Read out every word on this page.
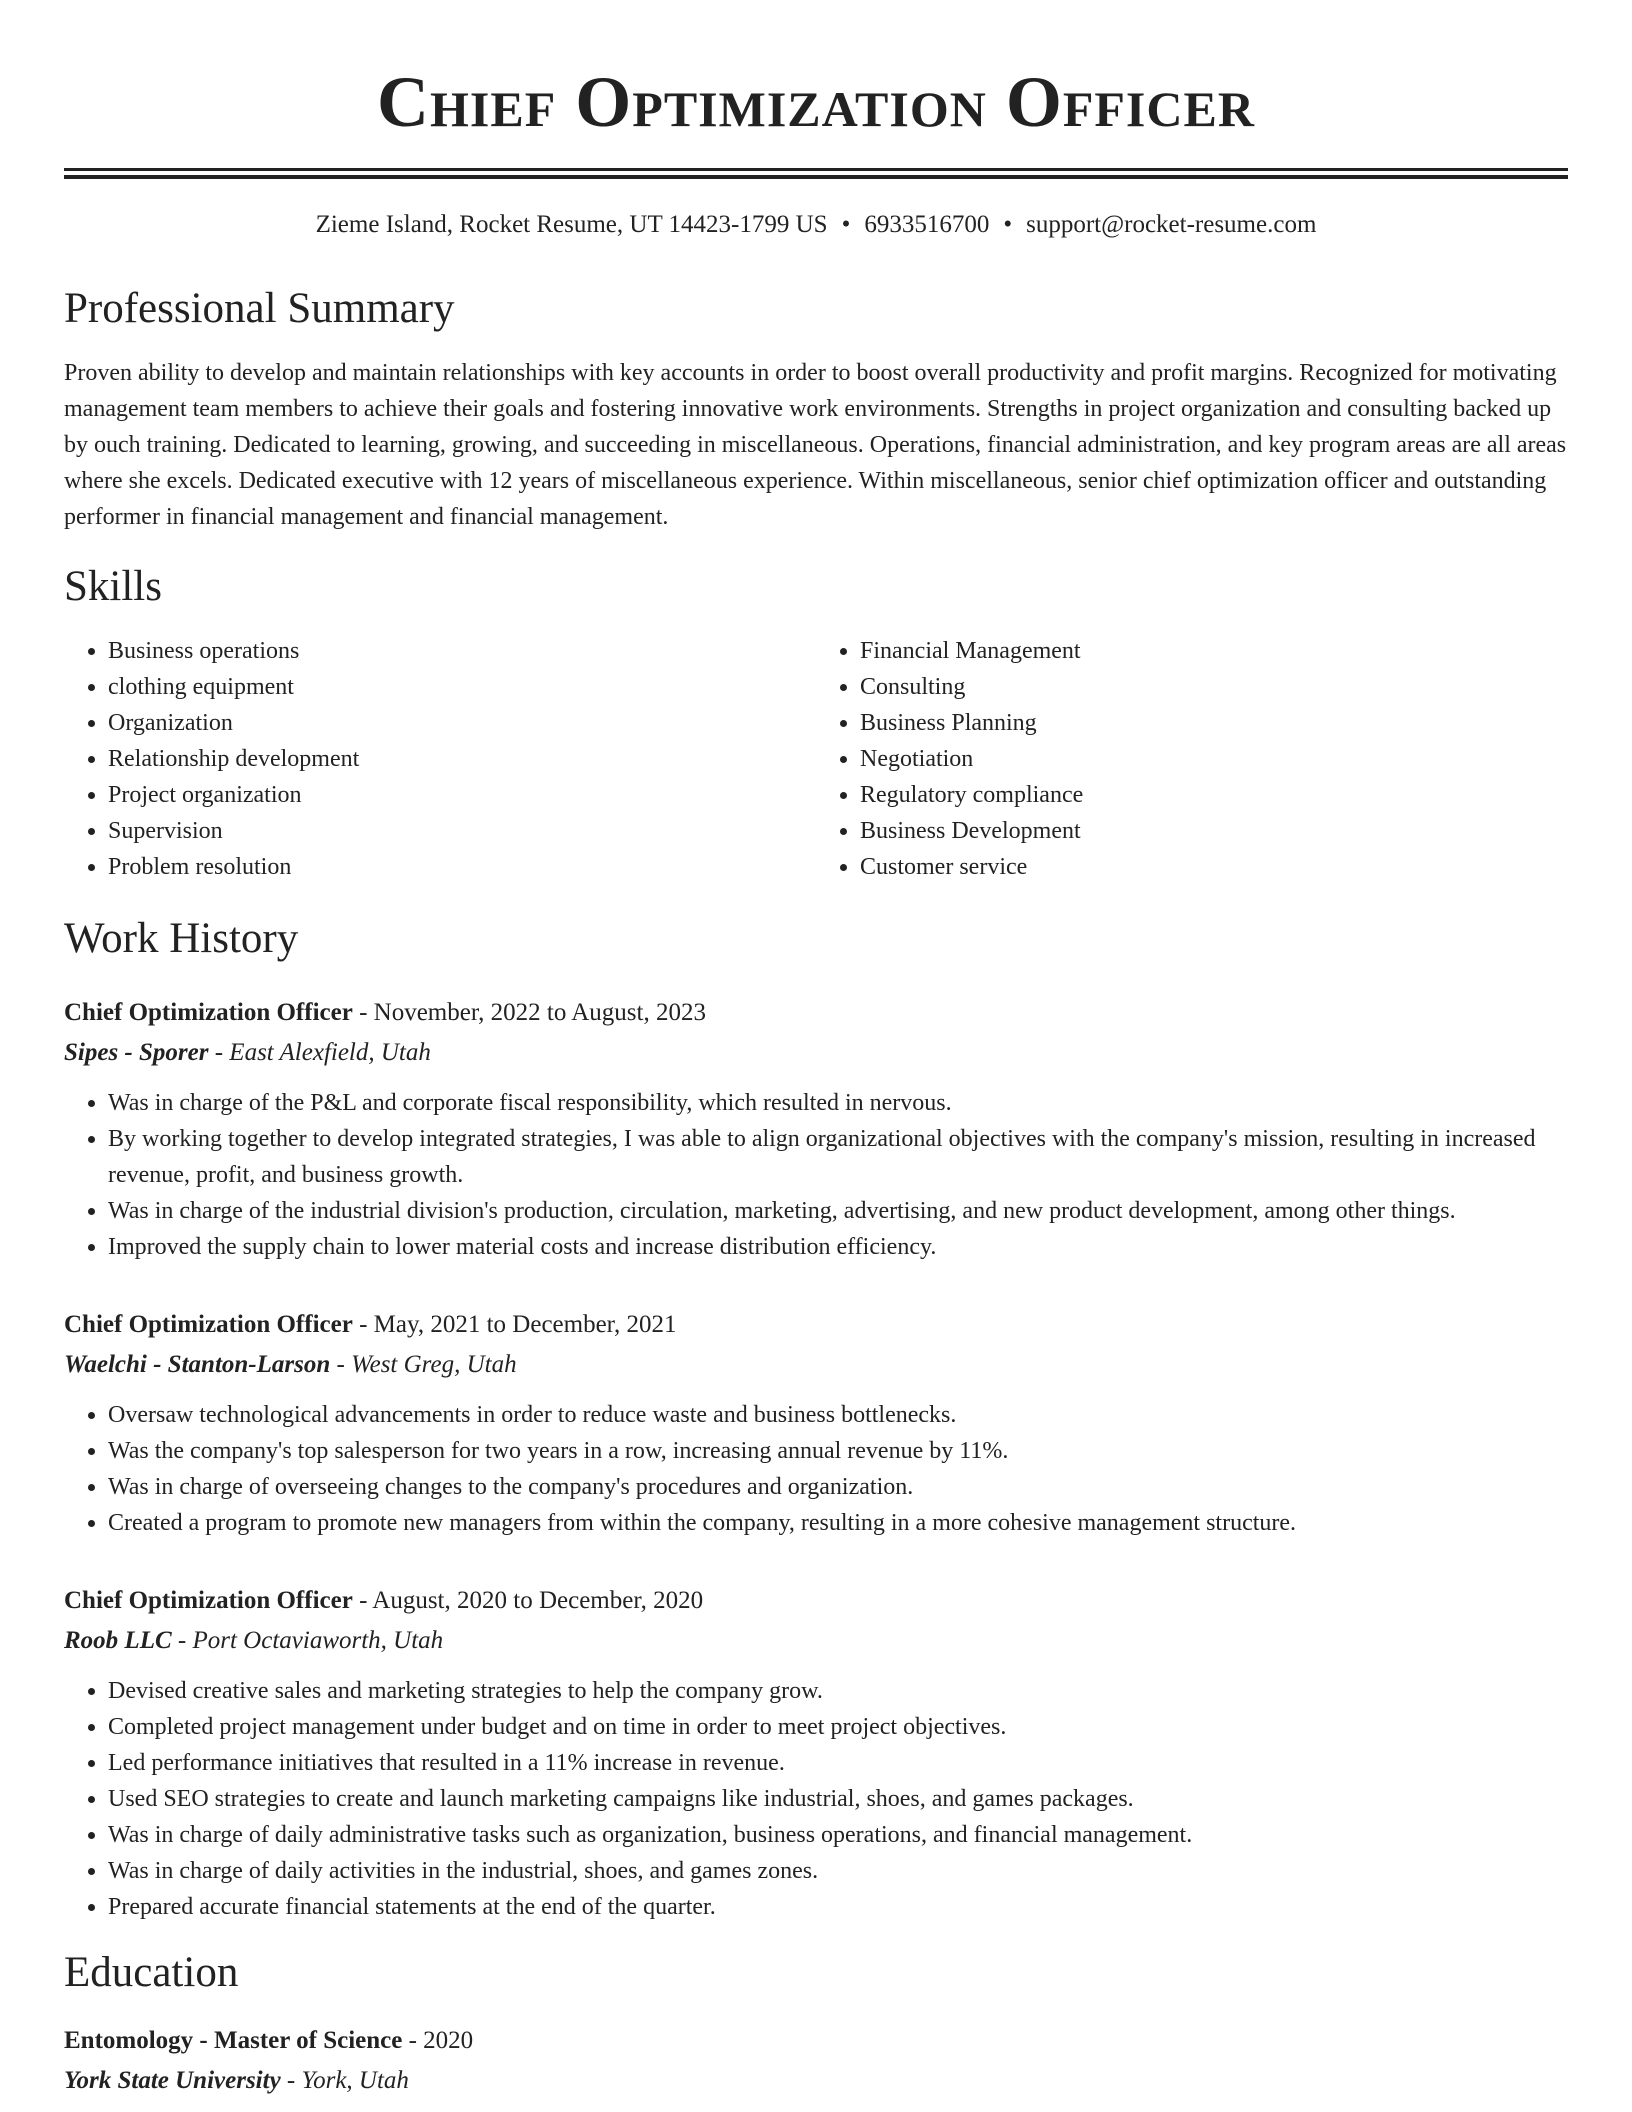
Chief Optimization Officer
Zieme Island, Rocket Resume, UT 14423-1799 US • 6933516700 • support@rocket-resume.com
Professional Summary

Proven ability to develop and maintain relationships with key accounts in order to boost overall productivity and profit margins. Recognized for motivating management team members to achieve their goals and fostering innovative work environments. Strengths in project organization and consulting backed up by ouch training. Dedicated to learning, growing, and succeeding in miscellaneous. Operations, financial administration, and key program areas are all areas where she excels. Dedicated executive with 12 years of miscellaneous experience. Within miscellaneous, senior chief optimization officer and outstanding performer in financial management and financial management.

Skills
• Business operations
• clothing equipment
• Organization
• Relationship development
• Project organization
• Supervision
• Problem resolution
• Financial Management
• Consulting
• Business Planning
• Negotiation
• Regulatory compliance
• Business Development
• Customer service
Work History
Chief Optimization Officer - November, 2022 to August, 2023
Sipes - Sporer - East Alexfield, Utah
• Was in charge of the P&L and corporate fiscal responsibility, which resulted in nervous.
• By working together to develop integrated strategies, I was able to align organizational objectives with the company's mission, resulting in increased revenue, profit, and business growth.
• Was in charge of the industrial division's production, circulation, marketing, advertising, and new product development, among other things.
• Improved the supply chain to lower material costs and increase distribution efficiency.
Chief Optimization Officer - May, 2021 to December, 2021
Waelchi - Stanton-Larson - West Greg, Utah
• Oversaw technological advancements in order to reduce waste and business bottlenecks.
• Was the company's top salesperson for two years in a row, increasing annual revenue by 11%.
• Was in charge of overseeing changes to the company's procedures and organization.
• Created a program to promote new managers from within the company, resulting in a more cohesive management structure.
Chief Optimization Officer - August, 2020 to December, 2020
Roob LLC - Port Octaviaworth, Utah
• Devised creative sales and marketing strategies to help the company grow.
• Completed project management under budget and on time in order to meet project objectives.
• Led performance initiatives that resulted in a 11% increase in revenue.
• Used SEO strategies to create and launch marketing campaigns like industrial, shoes, and games packages.
• Was in charge of daily administrative tasks such as organization, business operations, and financial management.
• Was in charge of daily activities in the industrial, shoes, and games zones.
• Prepared accurate financial statements at the end of the quarter.
Education
Entomology - Master of Science - 2020
York State University - York, Utah
